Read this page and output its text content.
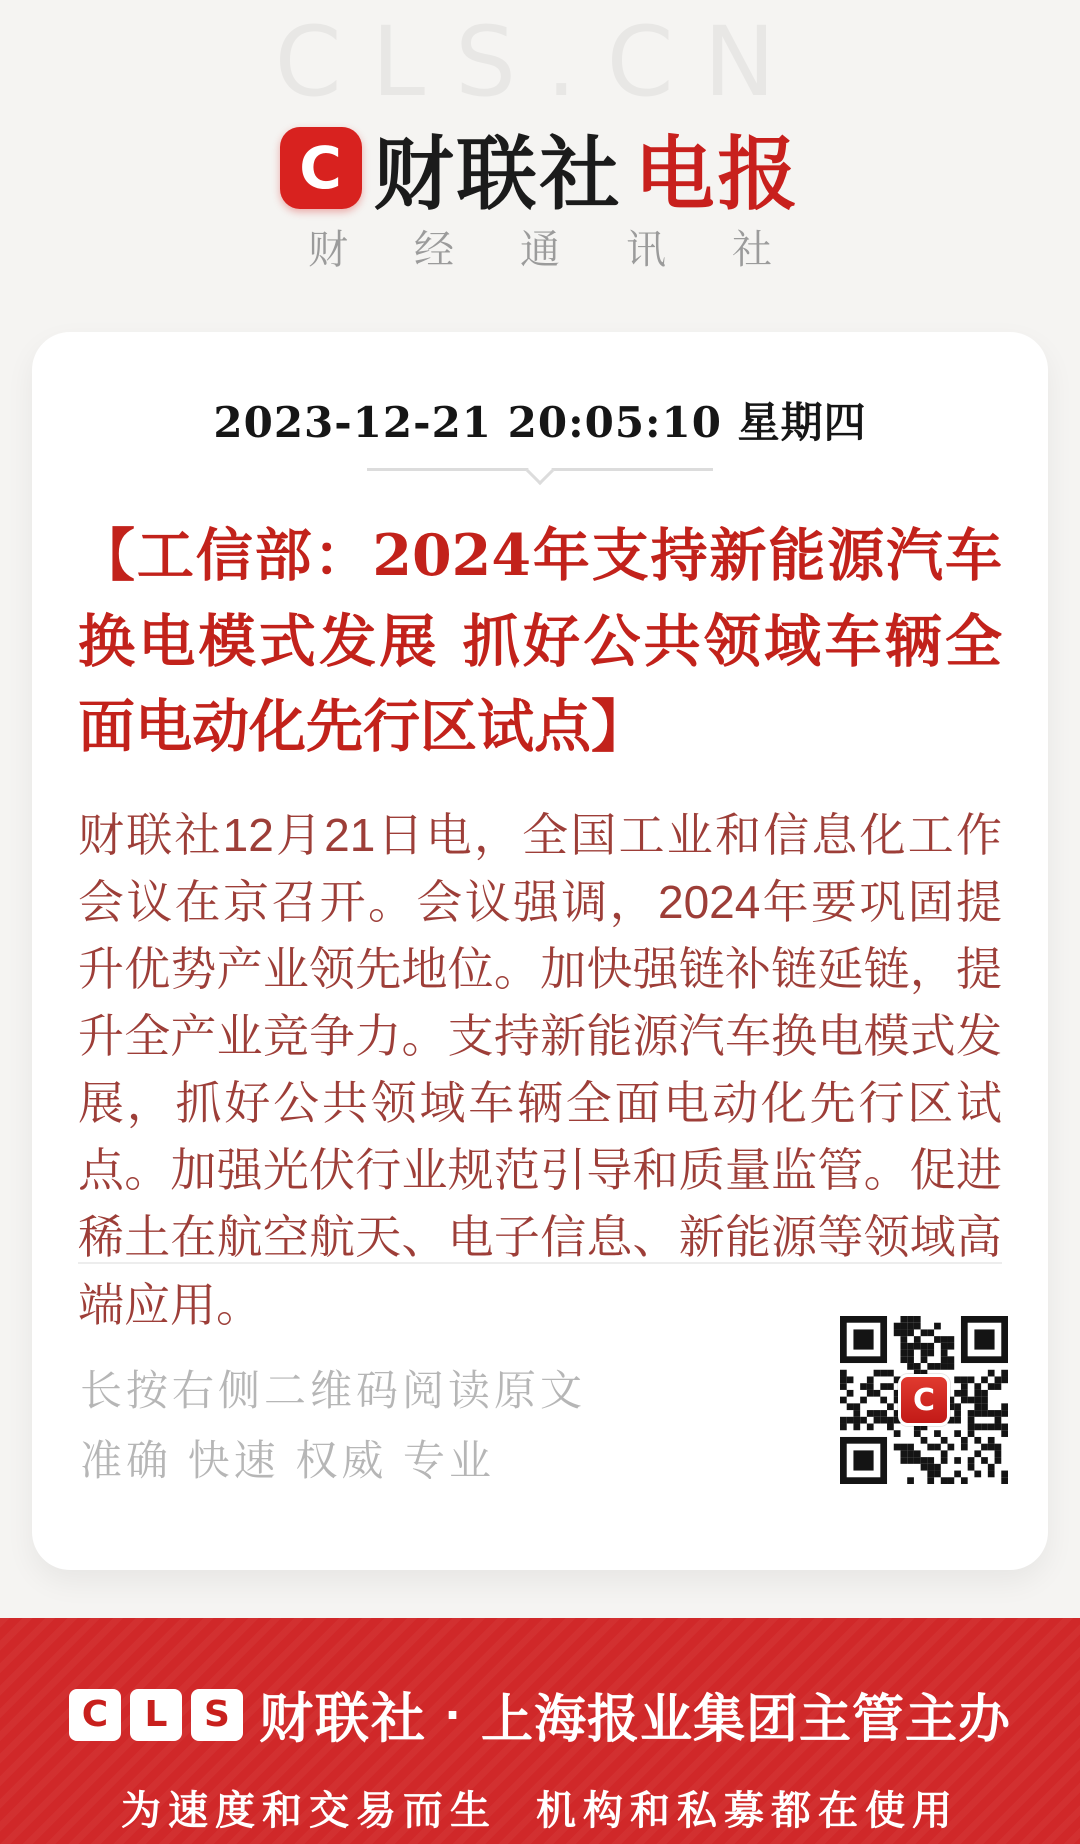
CLS.CN
C 财联社 电报
财经通讯社
2023-12-21 20:05:10 星期四
【工信部：2024年支持新能源汽车换电模式发展 抓好公共领域车辆全面电动化先行区试点】
财联社12月21日电，全国工业和信息化工作会议在京召开。会议强调，2024年要巩固提升优势产业领先地位。加快强链补链延链，提升全产业竞争力。支持新能源汽车换电模式发展，抓好公共领域车辆全面电动化先行区试点。加强光伏行业规范引导和质量监管。促进稀土在航空航天、电子信息、新能源等领域高端应用。
长按右侧二维码阅读原文
准确 快速 权威 专业
C
C	L	S 财联社 · 上海报业集团主管主办
为速度和交易而生 机构和私募都在使用
